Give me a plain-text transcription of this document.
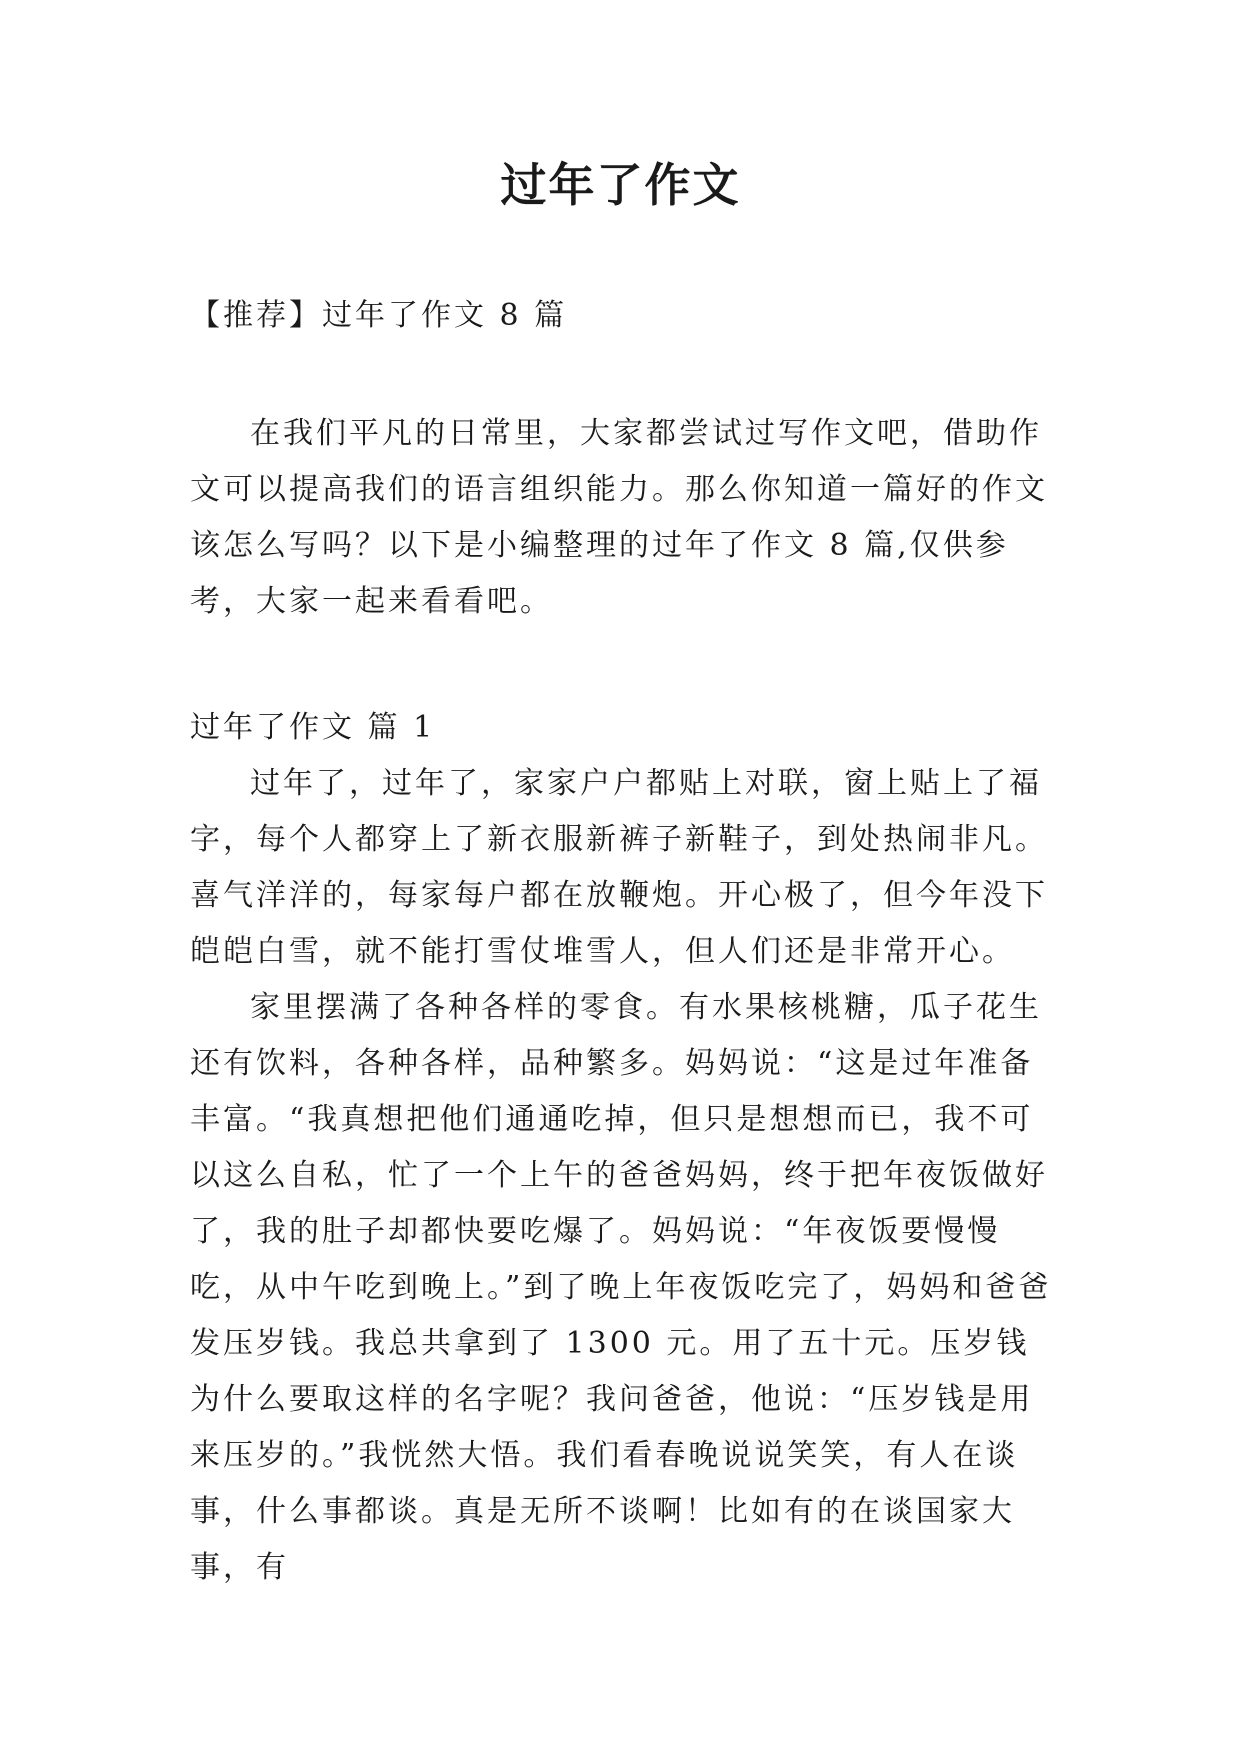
过年了作文
【推荐】过年了作文 8 篇

在我们平凡的日常里，大家都尝试过写作文吧，借助作文可以提高我们的语言组织能力。那么你知道一篇好的作文该怎么写吗？以下是小编整理的过年了作文 8 篇,仅供参考，大家一起来看看吧。

过年了作文 篇 1

过年了，过年了，家家户户都贴上对联，窗上贴上了福字，每个人都穿上了新衣服新裤子新鞋子，到处热闹非凡。喜气洋洋的，每家每户都在放鞭炮。开心极了，但今年没下皑皑白雪，就不能打雪仗堆雪人，但人们还是非常开心。

家里摆满了各种各样的零食。有水果核桃糖，瓜子花生还有饮料，各种各样，品种繁多。妈妈说：“这是过年准备丰富。“我真想把他们通通吃掉，但只是想想而已，我不可以这么自私，忙了一个上午的爸爸妈妈，终于把年夜饭做好了，我的肚子却都快要吃爆了。妈妈说：“年夜饭要慢慢吃，从中午吃到晚上。”到了晚上年夜饭吃完了，妈妈和爸爸发压岁钱。我总共拿到了 1300 元。用了五十元。压岁钱为什么要取这样的名字呢？我问爸爸，他说：“压岁钱是用来压岁的。”我恍然大悟。我们看春晚说说笑笑，有人在谈事，什么事都谈。真是无所不谈啊！比如有的在谈国家大事，有
